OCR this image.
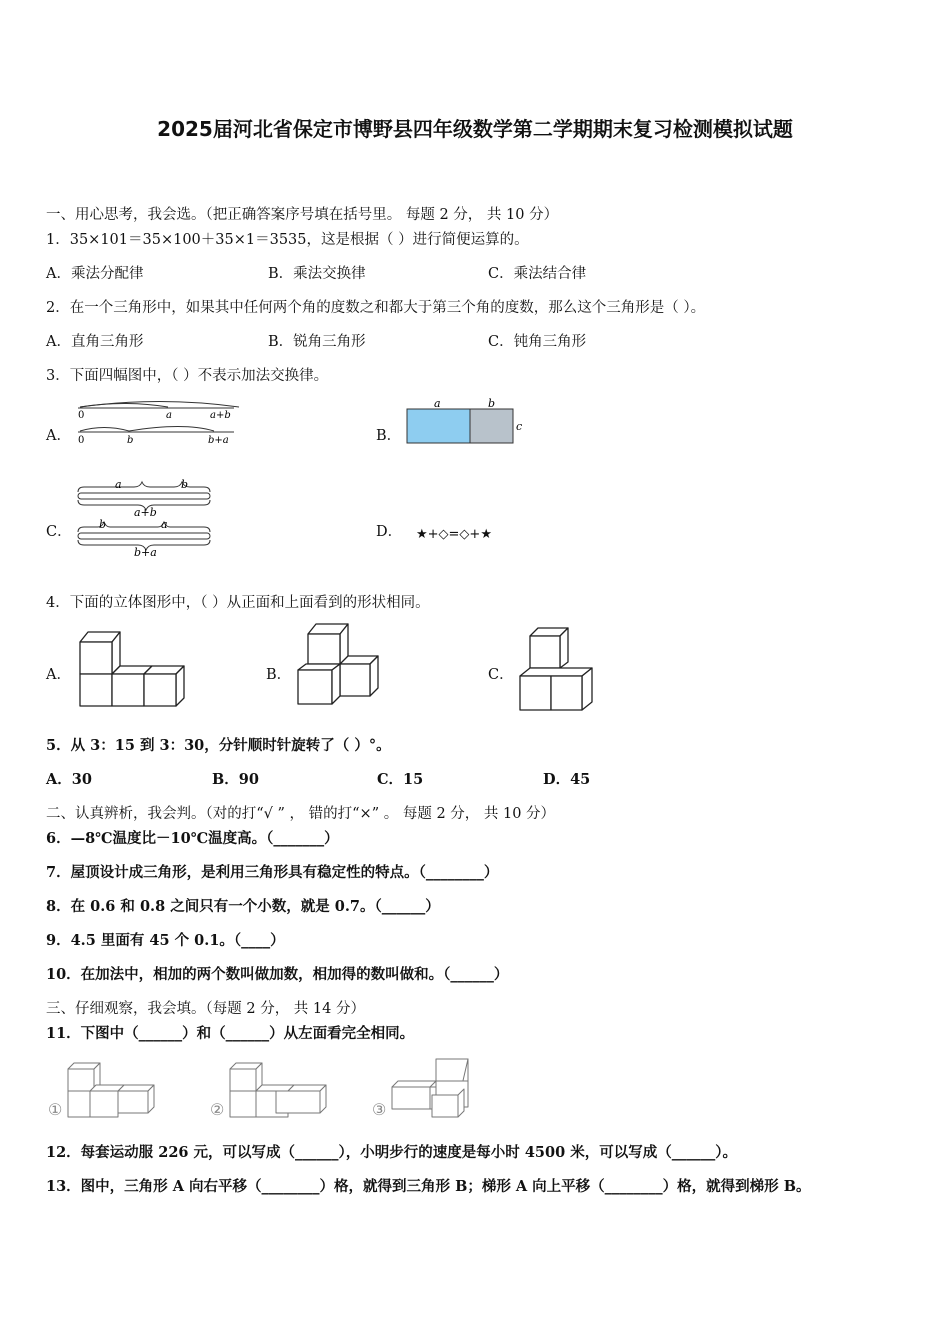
2025届河北省保定市博野县四年级数学第二学期期末复习检测模拟试题
一、用心思考，我会选。（把正确答案序号填在括号里。 每题 2 分， 共 10 分）
1．35×101＝35×100＋35×1＝3535，这是根据（ ）进行简便运算的。
A．乘法分配律	B．乘法交换律	C．乘法结合律
2．在一个三角形中，如果其中任何两个角的度数之和都大于第三个角的度数，那么这个三角形是（ ）。
A．直角三角形	B．锐角三角形	C．钝角三角形
3．下面四幅图中，（ ）不表示加法交换律。
A．
0	a	a+b
0	b	b+a	B．
a	b
c
C．
a	b
a+b
b	a
b+a
D． ★+◇=◇+★
4．下面的立体图形中，（ ）从正面和上面看到的形状相同。
A．	B．	C．
5．从 3：15 到 3：30，分针顺时针旋转了（ ）°。
A．30	B．90	C．15	D．45
二、认真辨析，我会判。（对的打“√ ” ， 错的打“×” 。 每题 2 分， 共 10 分）
6．—8℃温度比－10℃温度高。（_______）
7．屋顶设计成三角形，是利用三角形具有稳定性的特点。（________）
8．在 0.6 和 0.8 之间只有一个小数，就是 0.7。（______）
9．4.5 里面有 45 个 0.1。（____）
10．在加法中，相加的两个数叫做加数，相加得的数叫做和。（______）
三、仔细观察，我会填。（每题 2 分， 共 14 分）
11．下图中（______）和（______）从左面看完全相同。
①	②	③
12．每套运动服 226 元，可以写成（______），小明步行的速度是每小时 4500 米，可以写成（______）。
13．图中，三角形 A 向右平移（________）格，就得到三角形 B；梯形 A 向上平移（________）格，就得到梯形 B。
